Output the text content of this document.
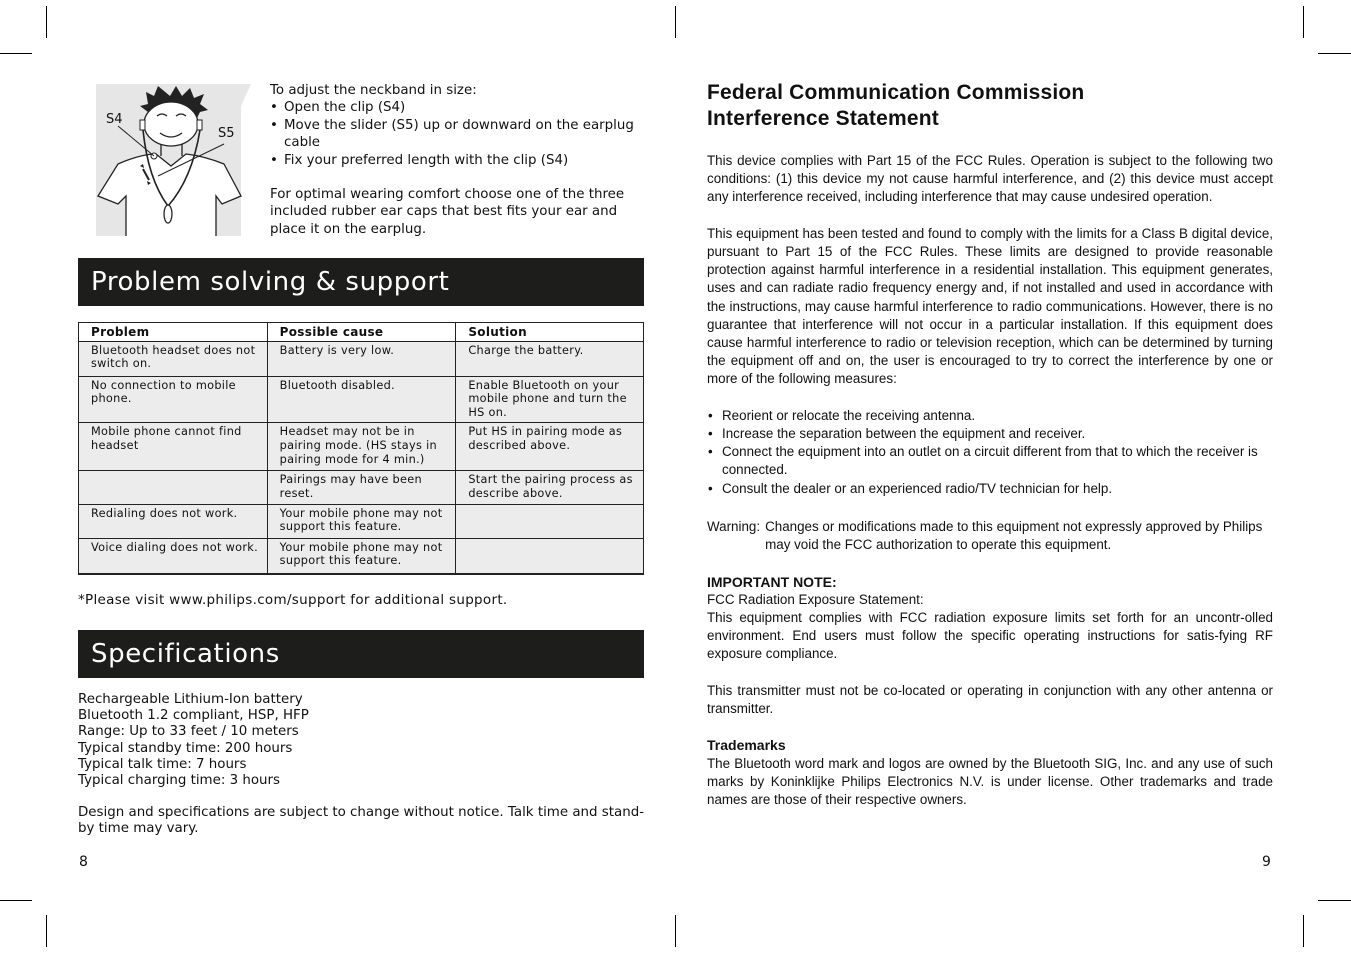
S4
S5

To adjust the neckband in size:

• Open the clip (S4)
• Move the slider (S5) up or downward on the earplug cable
• Fix your preferred length with the clip (S4)

For optimal wearing comfort choose one of the three included rubber ear caps that best fits your ear and place it on the earplug.

Problem solving & support
Problem	Possible cause	Solution
Bluetooth headset does not switch on.	Battery is very low.	Charge the battery.
No connection to mobile phone.	Bluetooth disabled.	Enable Bluetooth on your mobile phone and turn the HS on.
Mobile phone cannot find headset	Headset may not be in pairing mode. (HS stays in pairing mode for 4 min.)	Put HS in pairing mode as described above.
	Pairings may have been reset.	Start the pairing process as describe above.
Redialing does not work.	Your mobile phone may not support this feature.	
Voice dialing does not work.	Your mobile phone may not support this feature.	
*Please visit www.philips.com/support for additional support.
Specifications

Rechargeable Lithium-Ion battery

Bluetooth 1.2 compliant, HSP, HFP

Range: Up to 33 feet / 10 meters

Typical standby time: 200 hours

Typical talk time: 7 hours

Typical charging time: 3 hours

Design and specifications are subject to change without notice. Talk time and stand-by time may vary.

8
Federal Communication Commission
Interference Statement

This device complies with Part 15 of the FCC Rules. Operation is subject to the following two conditions: (1) this device my not cause harmful interference, and (2) this device must accept any interference received, including interference that may cause undesired operation.

This equipment has been tested and found to comply with the limits for a Class B digital device, pursuant to Part 15 of the FCC Rules. These limits are designed to provide reasonable protection against harmful interference in a residential installation. This equipment generates, uses and can radiate radio frequency energy and, if not installed and used in accordance with the instructions, may cause harmful interference to radio communications. However, there is no guarantee that interference will not occur in a particular installation. If this equipment does cause harmful interference to radio or television reception, which can be determined by turning the equipment off and on, the user is encouraged to try to correct the interference by one or more of the following measures:

• Reorient or relocate the receiving antenna.
• Increase the separation between the equipment and receiver.
• Connect the equipment into an outlet on a circuit different from that to which the receiver is connected.
• Consult the dealer or an experienced radio/TV technician for help.
Warning: Changes or modifications made to this equipment not expressly approved by Philips may void the FCC authorization to operate this equipment.
IMPORTANT NOTE:

FCC Radiation Exposure Statement:

This equipment complies with FCC radiation exposure limits set forth for an uncontr-olled environment. End users must follow the specific operating instructions for satis-fying RF exposure compliance.

This transmitter must not be co-located or operating in conjunction with any other antenna or transmitter.

Trademarks

The Bluetooth word mark and logos are owned by the Bluetooth SIG, Inc. and any use of such marks by Koninklijke Philips Electronics N.V. is under license. Other trademarks and trade names are those of their respective owners.

9
